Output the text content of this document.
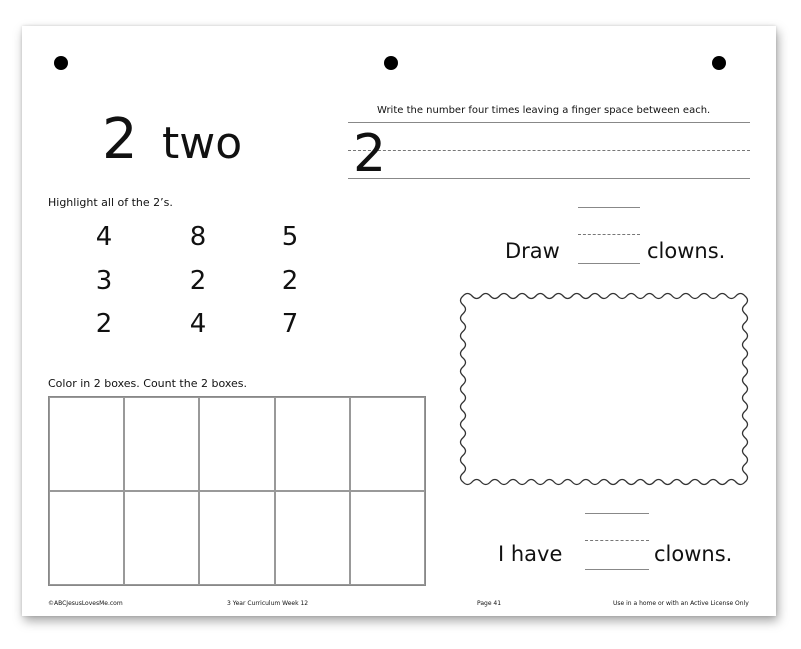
2 two
Write the number four times leaving a finger space between each.
2
Highlight all of the 2’s.
4	8	5
3	2	2
2	4	7
Draw	clowns.
Color in 2 boxes. Count the 2 boxes.
I have	clowns.
©ABCJesusLovesMe.com	3 Year Curriculum Week 12	Page 41	Use in a home or with an Active License Only
